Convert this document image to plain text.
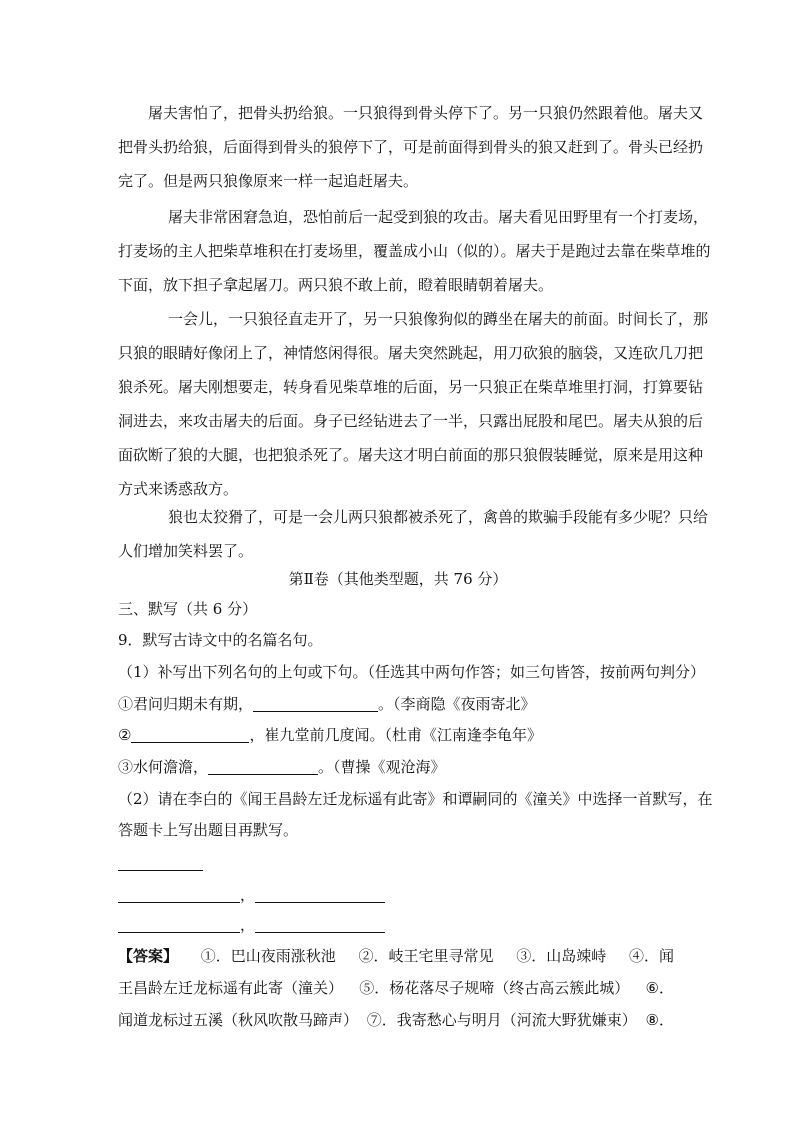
屠夫害怕了，把骨头扔给狼。一只狼得到骨头停下了。另一只狼仍然跟着他。屠夫又
把骨头扔给狼，后面得到骨头的狼停下了，可是前面得到骨头的狼又赶到了。骨头已经扔
完了。但是两只狼像原来一样一起追赶屠夫。

屠夫非常困窘急迫，恐怕前后一起受到狼的攻击。屠夫看见田野里有一个打麦场，
打麦场的主人把柴草堆积在打麦场里，覆盖成小山（似的）。屠夫于是跑过去靠在柴草堆的
下面，放下担子拿起屠刀。两只狼不敢上前，瞪着眼睛朝着屠夫。

一会儿，一只狼径直走开了，另一只狼像狗似的蹲坐在屠夫的前面。时间长了，那
只狼的眼睛好像闭上了，神情悠闲得很。屠夫突然跳起，用刀砍狼的脑袋，又连砍几刀把
狼杀死。屠夫刚想要走，转身看见柴草堆的后面，另一只狼正在柴草堆里打洞，打算要钻
洞进去，来攻击屠夫的后面。身子已经钻进去了一半，只露出屁股和尾巴。屠夫从狼的后
面砍断了狼的大腿，也把狼杀死了。屠夫这才明白前面的那只狼假装睡觉，原来是用这种
方式来诱惑敌方。

狼也太狡猾了，可是一会儿两只狼都被杀死了，禽兽的欺骗手段能有多少呢？只给
人们增加笑料罢了。

第Ⅱ卷（其他类型题，共 76 分）
三、默写（共 6 分）
9．默写古诗文中的名篇名句。
（1）补写出下列名句的上句或下句。（任选其中两句作答；如三句皆答，按前两句判分）
①君问归期未有期，	。（李商隐《夜雨寄北》
②	，崔九堂前几度闻。（杜甫《江南逢李龟年》
③水何澹澹，	。（曹操《观沧海》
（2）请在李白的《闻王昌龄左迁龙标遥有此寄》和谭嗣同的《潼关》中选择一首默写，在
答题卡上写出题目再默写。
，
，
【答案】 ①．巴山夜雨涨秋池 ②．岐王宅里寻常见 ③．山岛竦峙 ④．闻
王昌龄左迁龙标遥有此寄（潼关） ⑤．杨花落尽子规啼（终古高云簇此城） ⑥．
闻道龙标过五溪（秋风吹散马蹄声） ⑦．我寄愁心与明月（河流大野犹嫌束） ⑧．
